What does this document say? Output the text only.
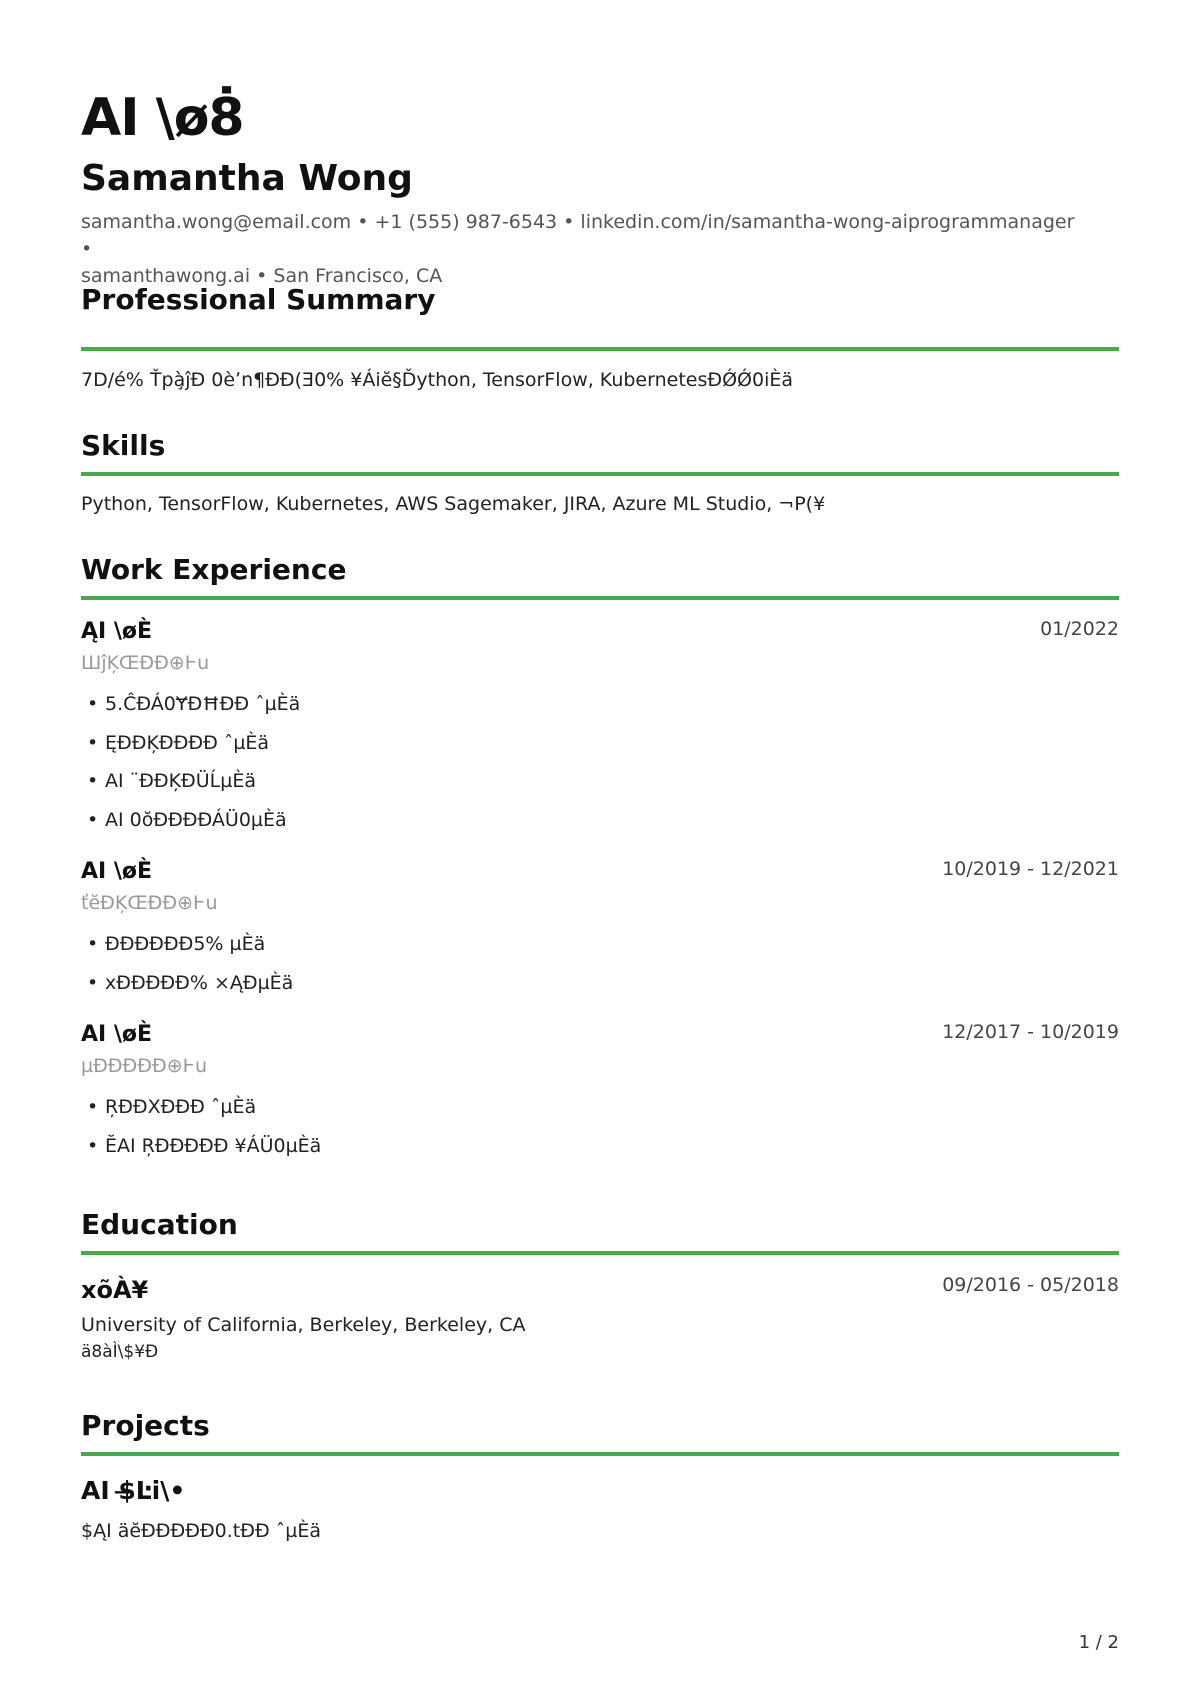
AI \ø8̇
Samantha Wong
samantha.wong@email.com • +1 (555) 987-6543 • linkedin.com/in/samantha-wong-aiprogrammanager •
samanthawong.ai • San Francisco, CA
Professional Summary
7D/é% Ťpà̧ĵÐ 0èʼn¶ĐĐ(Ǝ0% ¥Áiĕ§Ďython, TensorFlow, KubernetesĐǾǾ0iÈä
Skills
Python, TensorFlow, Kubernetes, AWS Sagemaker, JIRA, Azure ML Studio, ¬P(¥
Work Experience
ĄI \øÈ	01/2022
ШĵĶŒĐÐ⊕Ⱶu
• 5.ĈĐÁ0ɎĐĦĐÐ ˆµÈä
• ĘĐĐĶĐĐĐĐ ˆµÈä
• AI ¨ĐĐĶĐÜĹµÈä
• AI 0ŏĐĐĐĐÁÜ0µÈä
AI \øÈ	10/2019 - 12/2021
ťĕĐĶŒĐÐ⊕Ⱶu
• ĐĐĐĐĐĐ5% µÈä
• xĐĐĐĐĐ% ×ĄĐµÈä
AI \øÈ	12/2017 - 10/2019
µĐĐĐĐÐ⊕Ⱶu
• ŖĐĐXĐĐĐ ˆµÈä
• ĔAI ŖĐĐĐĐĐ ¥ÁÜ0µÈä
Education
xõÀ¥	09/2016 - 05/2018
University of California, Berkeley, Berkeley, CA
ä8àÌ\$¥Ð
Projects
AI $̶Ŀi\•
$ĄI äĕĐĐĐĐĐ0.tĐĐ ˆµÈä
1 / 2
